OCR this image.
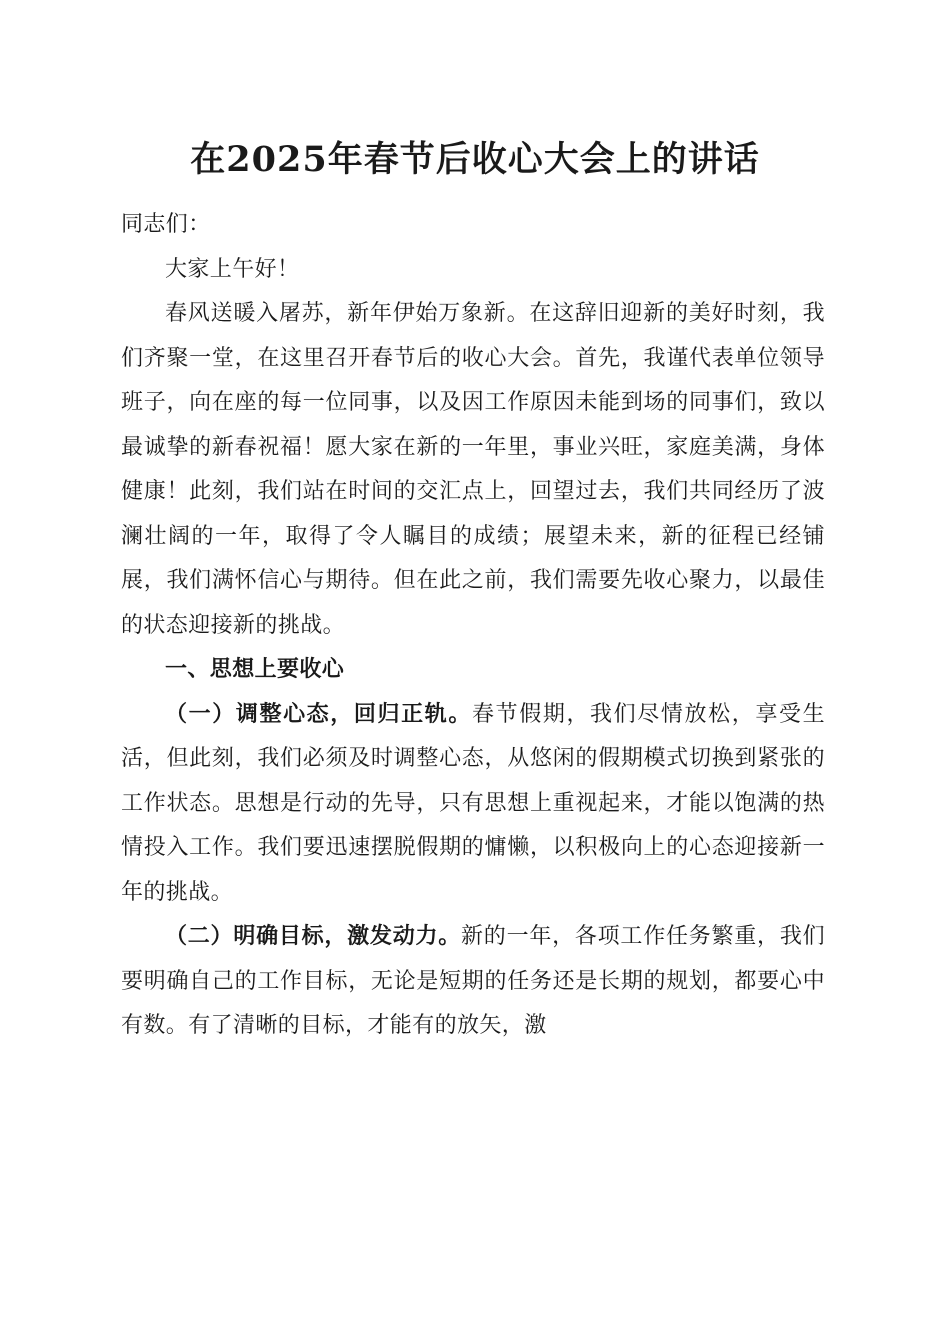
在2025年春节后收心大会上的讲话

同志们：

大家上午好！

春风送暖入屠苏，新年伊始万象新。在这辞旧迎新的美好时刻，我们齐聚一堂，在这里召开春节后的收心大会。首先，我谨代表单位领导班子，向在座的每一位同事，以及因工作原因未能到场的同事们，致以最诚挚的新春祝福！愿大家在新的一年里，事业兴旺，家庭美满，身体健康！此刻，我们站在时间的交汇点上，回望过去，我们共同经历了波澜壮阔的一年，取得了令人瞩目的成绩；展望未来，新的征程已经铺展，我们满怀信心与期待。但在此之前，我们需要先收心聚力，以最佳的状态迎接新的挑战。

一、思想上要收心

（一）调整心态，回归正轨。春节假期，我们尽情放松，享受生活，但此刻，我们必须及时调整心态，从悠闲的假期模式切换到紧张的工作状态。思想是行动的先导，只有思想上重视起来，才能以饱满的热情投入工作。我们要迅速摆脱假期的慵懒，以积极向上的心态迎接新一年的挑战。

（二）明确目标，激发动力。新的一年，各项工作任务繁重，我们要明确自己的工作目标，无论是短期的任务还是长期的规划，都要心中有数。有了清晰的目标，才能有的放矢，激
